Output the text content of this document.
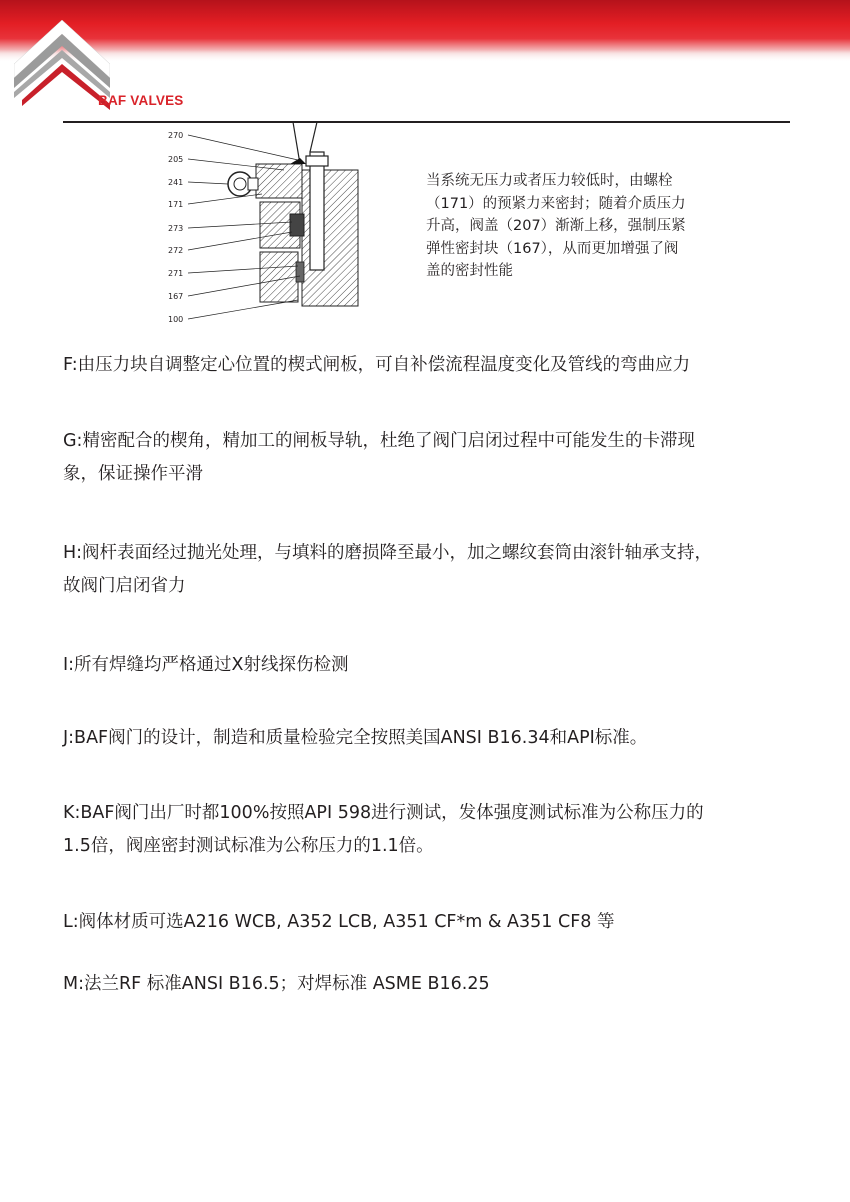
BAF VALVES
270
205
241
171
273
272
271
167
100
当系统无压力或者压力较低时，由螺栓
（171）的预紧力来密封；随着介质压力
升高，阀盖（207）渐渐上移，强制压紧
弹性密封块（167），从而更加增强了阀
盖的密封性能
F:由压力块自调整定心位置的楔式闸板，可自补偿流程温度变化及管线的弯曲应力
G:精密配合的楔角，精加工的闸板导轨，杜绝了阀门启闭过程中可能发生的卡滞现
象，保证操作平滑
H:阀杆表面经过抛光处理，与填料的磨损降至最小，加之螺纹套筒由滚针轴承支持，
故阀门启闭省力
I:所有焊缝均严格通过X射线探伤检测
J:BAF阀门的设计，制造和质量检验完全按照美国ANSI B16.34和API标准。
K:BAF阀门出厂时都100%按照API 598进行测试，发体强度测试标准为公称压力的
1.5倍，阀座密封测试标准为公称压力的1.1倍。
L:阀体材质可选A216 WCB, A352 LCB, A351 CF*m & A351 CF8 等
M:法兰RF 标准ANSI B16.5；对焊标准 ASME B16.25
